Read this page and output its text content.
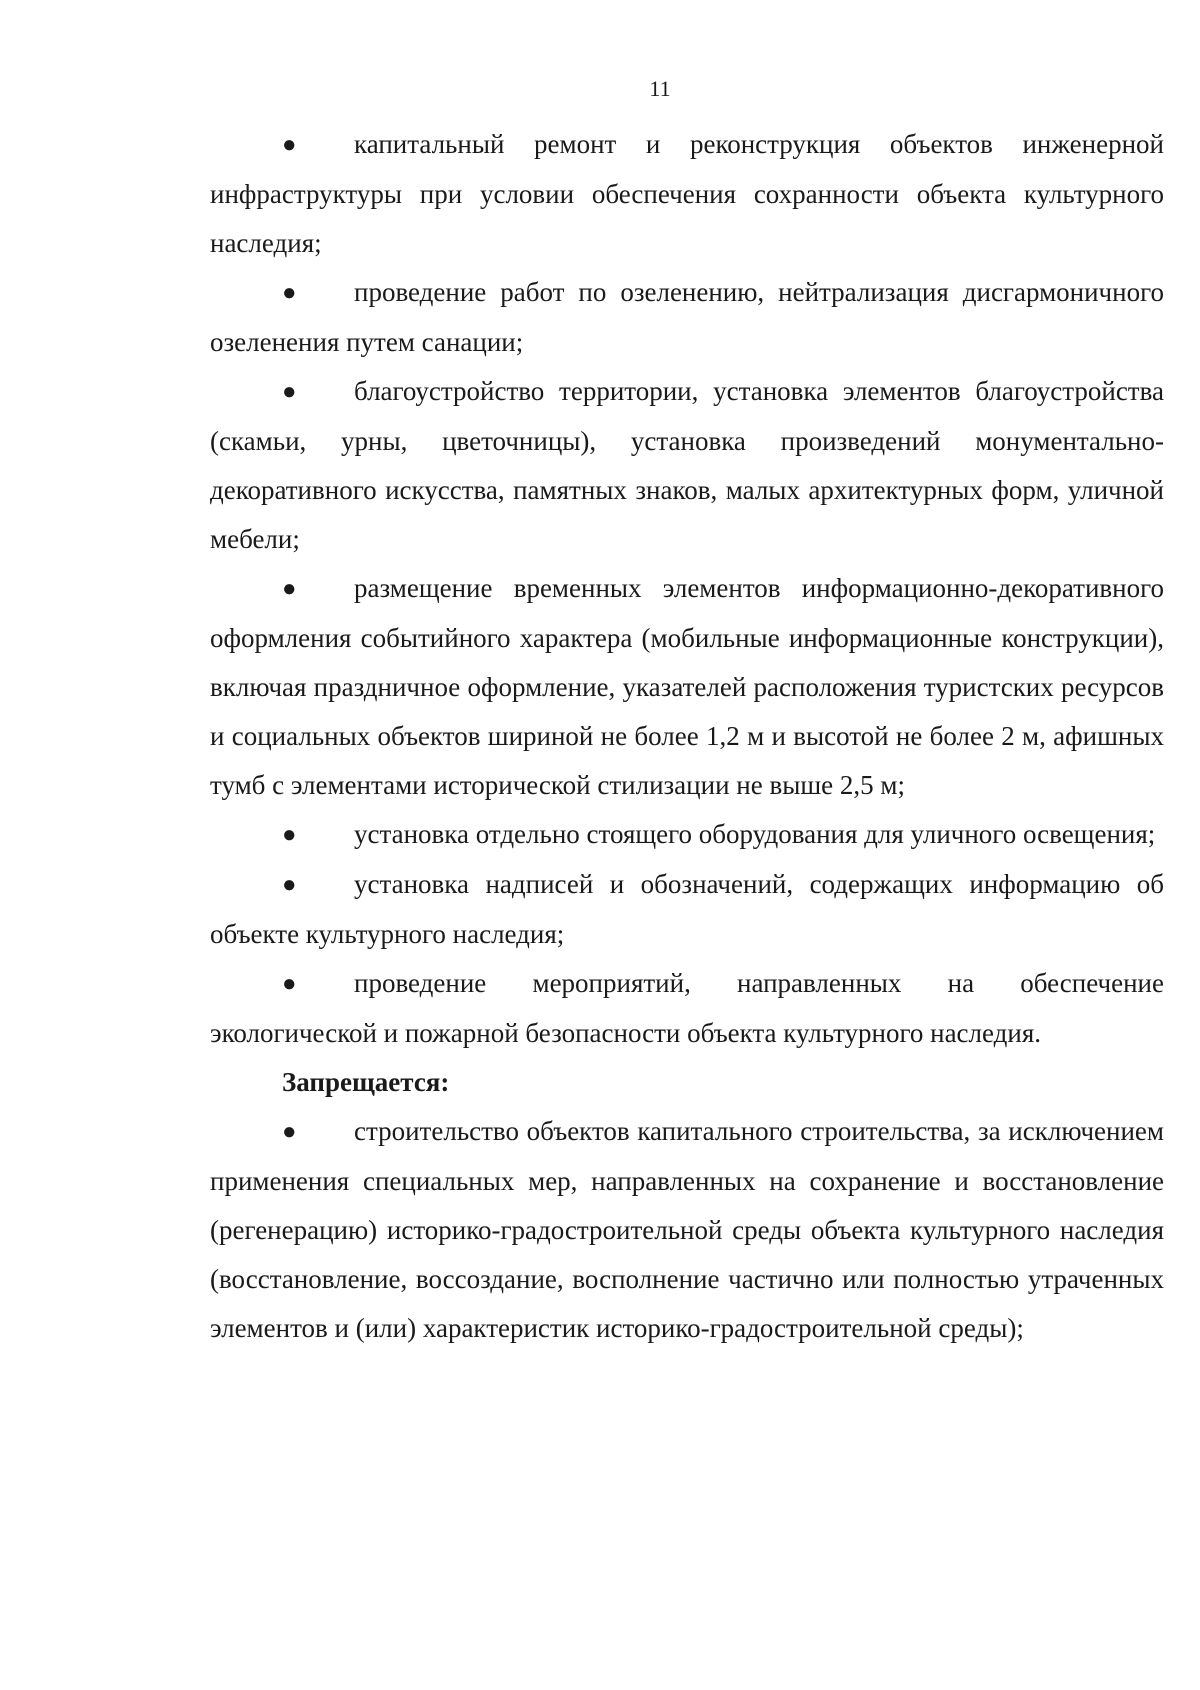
11

● капитальный ремонт и реконструкция объектов инженерной инфраструктуры при условии обеспечения сохранности объекта культурного наследия;

● проведение работ по озеленению, нейтрализация дисгармоничного озеленения путем санации;

● благоустройство территории, установка элементов благоустройства (скамьи, урны, цветочницы), установка произведений монументально-декоративного искусства, памятных знаков, малых архитектурных форм, уличной мебели;

● размещение временных элементов информационно-декоративного оформления событийного характера (мобильные информационные конструкции), включая праздничное оформление, указателей расположения туристских ресурсов и социальных объектов шириной не более 1,2 м и высотой не более 2 м, афишных тумб с элементами исторической стилизации не выше 2,5 м;

● установка отдельно стоящего оборудования для уличного освещения;

● установка надписей и обозначений, содержащих информацию об объекте культурного наследия;

● проведение мероприятий, направленных на обеспечение экологической и пожарной безопасности объекта культурного наследия.

Запрещается:

● строительство объектов капитального строительства, за исключением применения специальных мер, направленных на сохранение и восстановление (регенерацию) историко-градостроительной среды объекта культурного наследия (восстановление, воссоздание, восполнение частично или полностью утраченных элементов и (или) характеристик историко-градостроительной среды);
